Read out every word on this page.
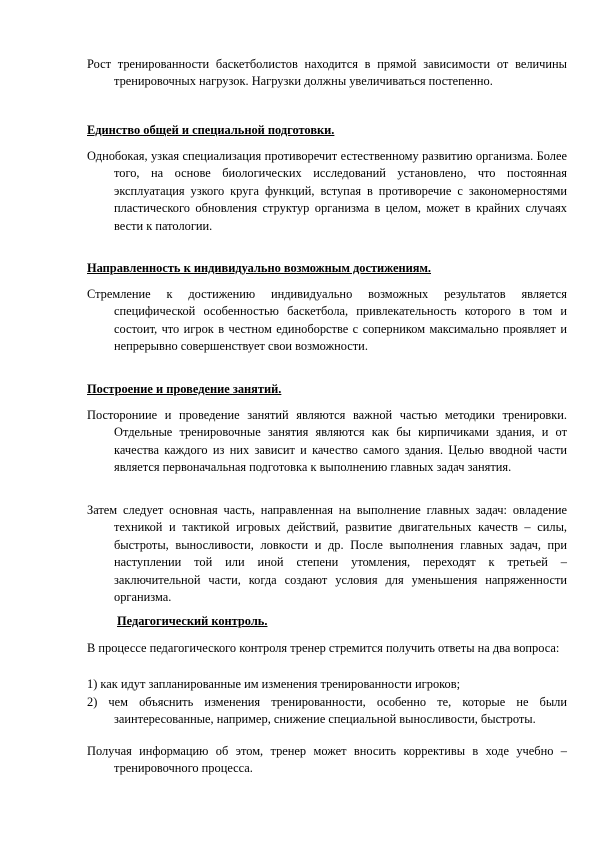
Рост тренированности баскетболистов находится в прямой зависимости от величины тренировочных нагрузок. Нагрузки должны увеличиваться постепенно.

Единство общей и специальной подготовки.

Однобокая, узкая специализация противоречит естественному развитию организма. Более того, на основе биологических исследований установлено, что постоянная эксплуатация узкого круга функций, вступая в противоречие с закономерностями пластического обновления структур организма в целом, может в крайних случаях вести к патологии.

Направленность к индивидуально возможным достижениям.

Стремление к достижению индивидуально возможных результатов является специфической особенностью баскетбола, привлекательность которого в том и состоит, что игрок в честном единоборстве с соперником максимально проявляет и непрерывно совершенствует свои возможности.

Построение и проведение занятий.

Посторониие и проведение занятий являются важной частью методики тренировки. Отдельные тренировочные занятия являются как бы кирпичиками здания, и от качества каждого из них зависит и качество самого здания. Целью вводной части является первоначальная подготовка к выполнению главных задач занятия.

Затем следует основная часть, направленная на выполнение главных задач: овладение техникой и тактикой игровых действий, развитие двигательных качеств – силы, быстроты, выносливости, ловкости и др. После выполнения главных задач, при наступлении той или иной степени утомления, переходят к третьей – заключительной части, когда создают условия для уменьшения напряженности организма.

Педагогический контроль.

В процессе педагогического контроля тренер стремится получить ответы на два вопроса:

1) как идут запланированные им изменения тренированности игроков;

2) чем объяснить изменения тренированности, особенно те, которые не были заинтересованные, например, снижение специальной выносливости, быстроты.

Получая информацию об этом, тренер может вносить коррективы в ходе учебно – тренировочного процесса.
